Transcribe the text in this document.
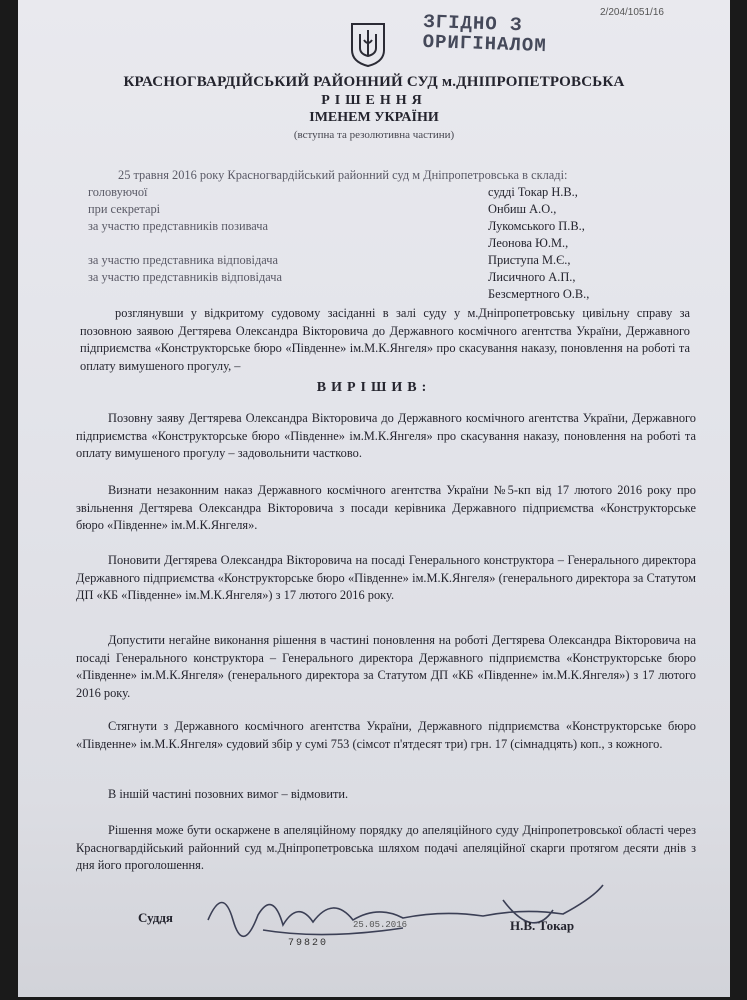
2/204/1051/16
ЗГІДНО З
ОРИГІНАЛОМ
КРАСНОГВАРДІЙСЬКИЙ РАЙОННИЙ СУД м.ДНІПРОПЕТРОВСЬКА
РІШЕННЯ
ІМЕНЕМ УКРАЇНИ
(вступна та резолютивна частини)
25 травня 2016 року Красногвардійський районний суд м Дніпропетровська в складі:
головуючої	судді Токар Н.В.,
при секретарі	Онбиш А.О.,
за участю представників позивача	Лукомського П.В.,
Леонова Ю.М.,
за участю представника відповідача	Приступа М.Є.,
за участю представників відповідача	Лисичного А.П.,
Безсмертного О.В.,
розглянувши у відкритому судовому засіданні в залі суду у м.Дніпропетровську цивільну справу за позовною заявою Дегтярева Олександра Вікторовича до Державного космічного агентства України, Державного підприємства «Конструкторське бюро «Південне» ім.М.К.Янгеля» про скасування наказу, поновлення на роботі та оплату вимушеного прогулу, –
ВИРІШИВ:
Позовну заяву Дегтярева Олександра Вікторовича до Державного космічного агентства України, Державного підприємства «Конструкторське бюро «Південне» ім.М.К.Янгеля» про скасування наказу, поновлення на роботі та оплату вимушеного прогулу – задовольнити частково.
Визнати незаконним наказ Державного космічного агентства України №5-кп від 17 лютого 2016 року про звільнення Дегтярева Олександра Вікторовича з посади керівника Державного підприємства «Конструкторське бюро «Південне» ім.М.К.Янгеля».
Поновити Дегтярева Олександра Вікторовича на посаді Генерального конструктора – Генерального директора Державного підприємства «Конструкторське бюро «Південне» ім.М.К.Янгеля» (генерального директора за Статутом ДП «КБ «Південне» ім.М.К.Янгеля») з 17 лютого 2016 року.
Допустити негайне виконання рішення в частині поновлення на роботі Дегтярева Олександра Вікторовича на посаді Генерального конструктора – Генерального директора Державного підприємства «Конструкторське бюро «Південне» ім.М.К.Янгеля» (генерального директора за Статутом ДП «КБ «Південне» ім.М.К.Янгеля») з 17 лютого 2016 року.
Стягнути з Державного космічного агентства України, Державного підприємства «Конструкторське бюро «Південне» ім.М.К.Янгеля» судовий збір у сумі 753 (сімсот п'ятдесят три) грн. 17 (сімнадцять) коп., з кожного.
В іншій частині позовних вимог – відмовити.
Рішення може бути оскаржене в апеляційному порядку до апеляційного суду Дніпропетровської області через Красногвардійський районний суд м.Дніпропетровська шляхом подачі апеляційної скарги протягом десяти днів з дня його проголошення.
Суддя	25.05.2016	Н.В. Токар
79820
